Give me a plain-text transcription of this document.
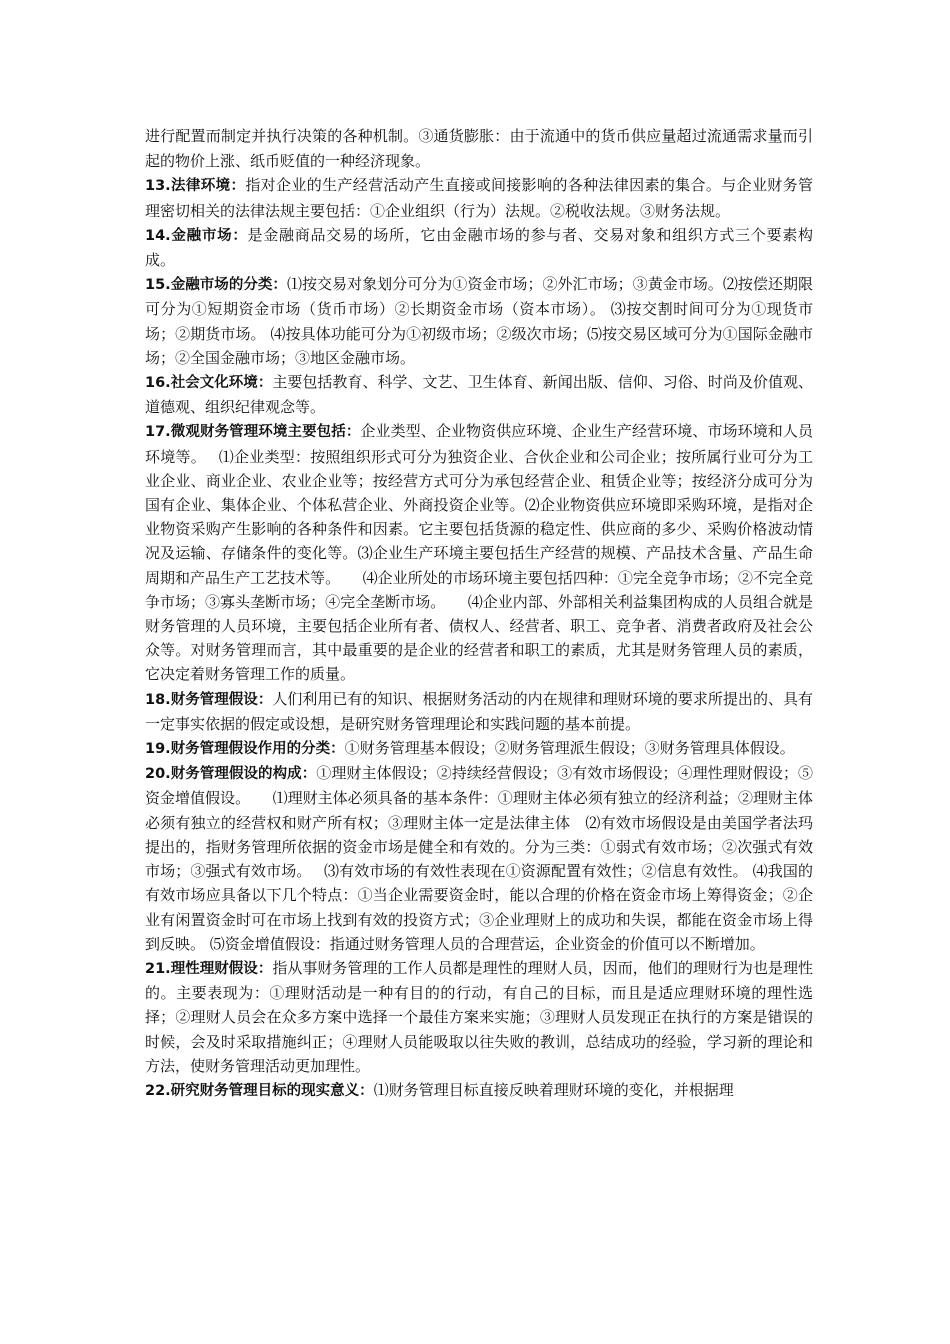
进行配置而制定并执行决策的各种机制。③通货膨胀：由于流通中的货币供应量超过流通需求量而引起的物价上涨、纸币贬值的一种经济现象。

13.法律环境：指对企业的生产经营活动产生直接或间接影响的各种法律因素的集合。与企业财务管理密切相关的法律法规主要包括：①企业组织（行为）法规。②税收法规。③财务法规。

14.金融市场：是金融商品交易的场所，它由金融市场的参与者、交易对象和组织方式三个要素构成。

15.金融市场的分类：⑴按交易对象划分可分为①资金市场；②外汇市场；③黄金市场。⑵按偿还期限可分为①短期资金市场（货币市场）②长期资金市场（资本市场）。 ⑶按交割时间可分为①现货市场；②期货市场。 ⑷按具体功能可分为①初级市场；②级次市场；⑸按交易区域可分为①国际金融市场；②全国金融市场；③地区金融市场。

16.社会文化环境：主要包括教育、科学、文艺、卫生体育、新闻出版、信仰、习俗、时尚及价值观、道德观、组织纪律观念等。

17.微观财务管理环境主要包括：企业类型、企业物资供应环境、企业生产经营环境、市场环境和人员环境等。　 ⑴企业类型：按照组织形式可分为独资企业、合伙企业和公司企业；按所属行业可分为工业企业、商业企业、农业企业等；按经营方式可分为承包经营企业、租赁企业等；按经济分成可分为国有企业、集体企业、个体私营企业、外商投资企业等。⑵企业物资供应环境即采购环境，是指对企业物资采购产生影响的各种条件和因素。它主要包括货源的稳定性、供应商的多少、采购价格波动情况及运输、存储条件的变化等。⑶企业生产环境主要包括生产经营的规模、产品技术含量、产品生命周期和产品生产工艺技术等。　　⑷企业所处的市场环境主要包括四种：①完全竞争市场；②不完全竞争市场；③寡头垄断市场；④完全垄断市场。　　⑷企业内部、外部相关利益集团构成的人员组合就是财务管理的人员环境，主要包括企业所有者、债权人、经营者、职工、竞争者、消费者政府及社会公众等。对财务管理而言，其中最重要的是企业的经营者和职工的素质，尤其是财务管理人员的素质，它决定着财务管理工作的质量。

18.财务管理假设：人们利用已有的知识、根据财务活动的内在规律和理财环境的要求所提出的、具有一定事实依据的假定或设想，是研究财务管理理论和实践问题的基本前提。

19.财务管理假设作用的分类：①财务管理基本假设；②财务管理派生假设；③财务管理具体假设。

20.财务管理假设的构成：①理财主体假设；②持续经营假设；③有效市场假设；④理性理财假设；⑤资金增值假设。　　⑴理财主体必须具备的基本条件：①理财主体必须有独立的经济利益；②理财主体必须有独立的经营权和财产所有权；③理财主体一定是法律主体　⑵有效市场假设是由美国学者法玛提出的，指财务管理所依据的资金市场是健全和有效的。分为三类：①弱式有效市场；②次强式有效市场；③强式有效市场。　 ⑶有效市场的有效性表现在①资源配置有效性；②信息有效性。 ⑷我国的有效市场应具备以下几个特点：①当企业需要资金时，能以合理的价格在资金市场上筹得资金；②企业有闲置资金时可在市场上找到有效的投资方式；③企业理财上的成功和失误，都能在资金市场上得到反映。 ⑸资金增值假设：指通过财务管理人员的合理营运，企业资金的价值可以不断增加。

21.理性理财假设：指从事财务管理的工作人员都是理性的理财人员，因而，他们的理财行为也是理性的。主要表现为：①理财活动是一种有目的的行动，有自己的目标，而且是适应理财环境的理性选择；②理财人员会在众多方案中选择一个最佳方案来实施；③理财人员发现正在执行的方案是错误的时候，会及时采取措施纠正；④理财人员能吸取以往失败的教训，总结成功的经验，学习新的理论和方法，使财务管理活动更加理性。

22.研究财务管理目标的现实意义：⑴财务管理目标直接反映着理财环境的变化，并根据理
